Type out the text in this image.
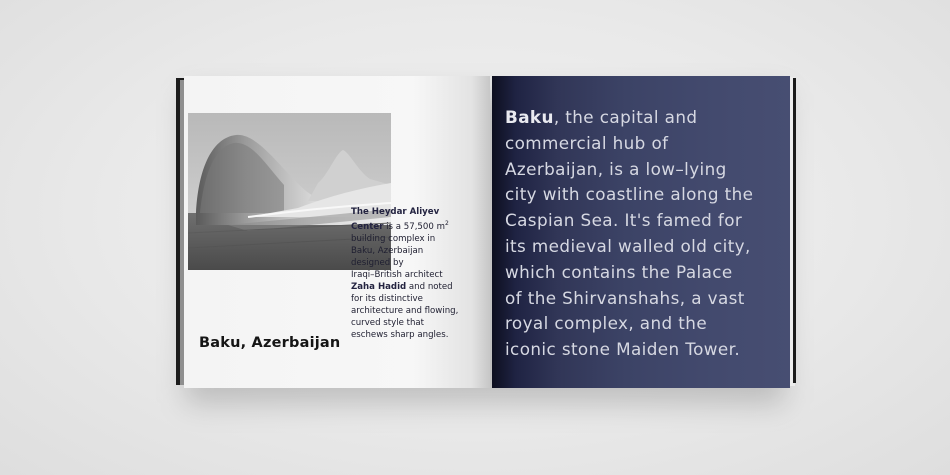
The Heydar Aliyev
Center is a 57,500 $m^2$
building complex in
Baku, Azerbaijan
designed by
Iraqi–British architect
Zaha Hadid and noted
for its distinctive
architecture and flowing,
curved style that
eschews sharp angles.
Baku, Azerbaijan
Baku, the capital and
commercial hub of
Azerbaijan, is a low–lying
city with coastline along the
Caspian Sea. It's famed for
its medieval walled old city,
which contains the Palace
of the Shirvanshahs, a vast
royal complex, and the
iconic stone Maiden Tower.
